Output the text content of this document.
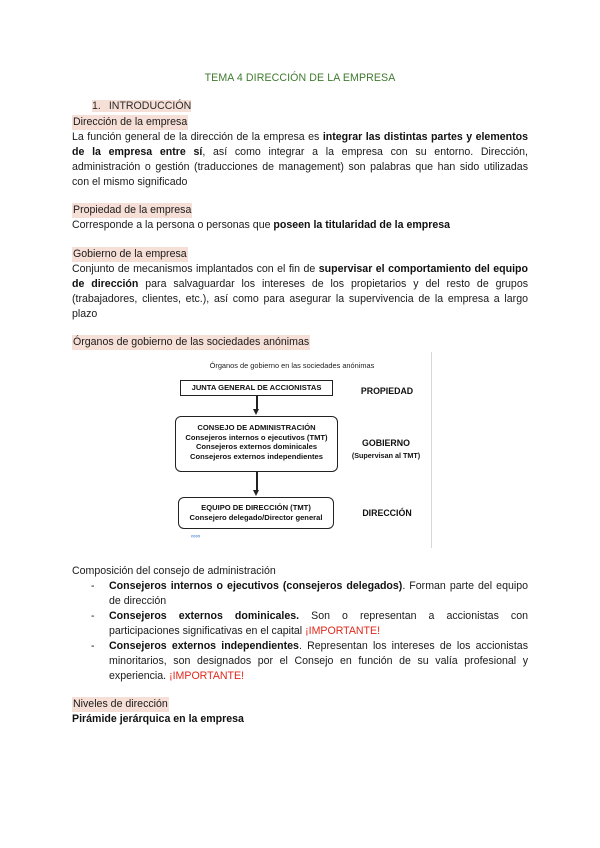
TEMA 4 DIRECCIÓN DE LA EMPRESA
1. INTRODUCCIÓN
Dirección de la empresa

La función general de la dirección de la empresa es integrar las distintas partes y elementos de la empresa entre sí, así como integrar a la empresa con su entorno. Dirección, administración o gestión (traducciones de management) son palabras que han sido utilizadas con el mismo significado

Propiedad de la empresa

Corresponde a la persona o personas que poseen la titularidad de la empresa

Gobierno de la empresa

Conjunto de mecanismos implantados con el fin de supervisar el comportamiento del equipo de dirección para salvaguardar los intereses de los propietarios y del resto de grupos (trabajadores, clientes, etc.), así como para asegurar la supervivencia de la empresa a largo plazo

Órganos de gobierno de las sociedades anónimas
Órganos de gobierno en las sociedades anónimas
JUNTA GENERAL DE ACCIONISTAS	PROPIEDAD
CONSEJO DE ADMINISTRACIÓN
Consejeros internos o ejecutivos (TMT)
Consejeros externos dominicales
Consejeros externos independientes
GOBIERNO
(Supervisan al TMT)
EQUIPO DE DIRECCIÓN (TMT)
Consejero delegado/Director general	DIRECCIÓN
∞∞

Composición del consejo de administración

- Consejeros internos o ejecutivos (consejeros delegados). Forman parte del equipo de dirección
- Consejeros externos dominicales. Son o representan a accionistas con participaciones significativas en el capital ¡IMPORTANTE!
- Consejeros externos independientes. Representan los intereses de los accionistas minoritarios, son designados por el Consejo en función de su valía profesional y experiencia. ¡IMPORTANTE!
Niveles de dirección

Pirámide jerárquica en la empresa
